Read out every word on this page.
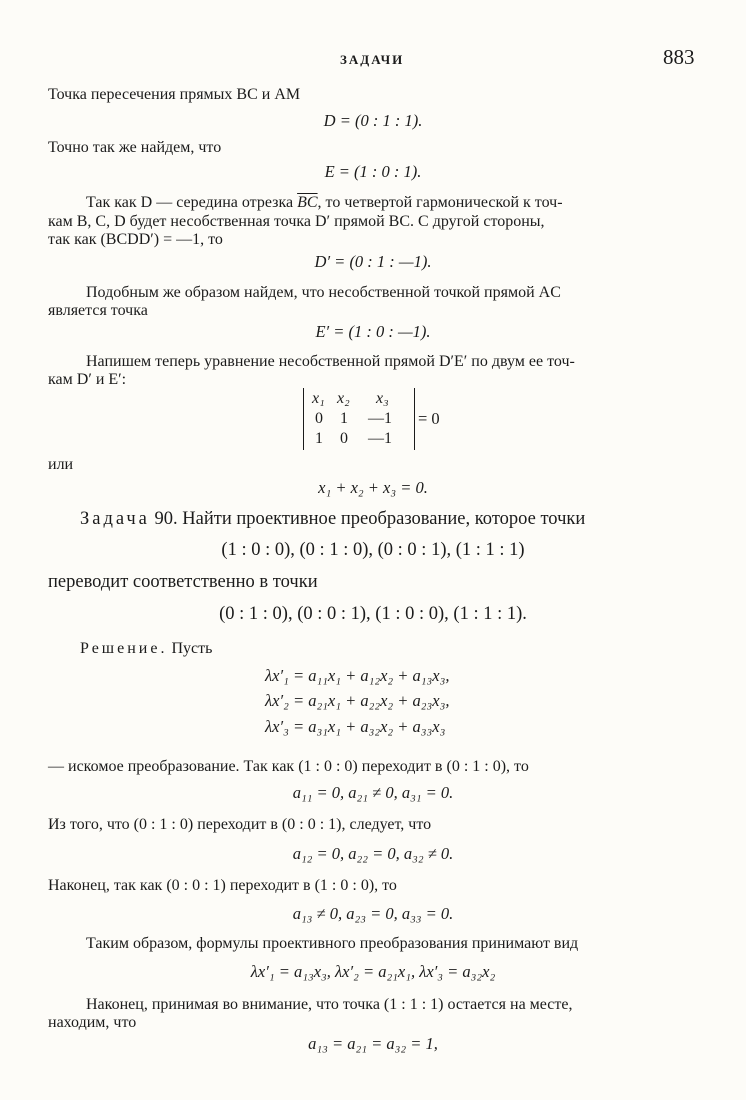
ЗАДАЧИ	883
Точка пересечения прямых BC и AM
D = (0 : 1 : 1).
Точно так же найдем, что
E = (1 : 0 : 1).
Так как D — середина отрезка $\overline{BC}$, то четвертой гармонической к точ-
кам B, C, D будет несобственная точка D′ прямой BC. С другой стороны,
так как (BCDD′) = —1, то
D′ = (0 : 1 : —1).
Подобным же образом найдем, что несобственной точкой прямой AC
является точка
E′ = (1 : 0 : —1).
Напишем теперь уравнение несобственной прямой D′E′ по двум ее точ-
кам D′ и E′:
x₁ x₂ x₃
0 1 —1
1 0 —1
= 0
или
x₁ + x₂ + x₃ = 0.
Задача 90. Найти проективное преобразование, которое точки
(1 : 0 : 0), (0 : 1 : 0), (0 : 0 : 1), (1 : 1 : 1)
переводит соответственно в точки
(0 : 1 : 0), (0 : 0 : 1), (1 : 0 : 0), (1 : 1 : 1).
Решение. Пусть
λx′₁ = a₁₁x₁ + a₁₂x₂ + a₁₃x₃,
λx′₂ = a₂₁x₁ + a₂₂x₂ + a₂₃x₃,
λx′₃ = a₃₁x₁ + a₃₂x₂ + a₃₃x₃
— искомое преобразование. Так как (1 : 0 : 0) переходит в (0 : 1 : 0), то
a₁₁ = 0, a₂₁ ≠ 0, a₃₁ = 0.
Из того, что (0 : 1 : 0) переходит в (0 : 0 : 1), следует, что
a₁₂ = 0, a₂₂ = 0, a₃₂ ≠ 0.
Наконец, так как (0 : 0 : 1) переходит в (1 : 0 : 0), то
a₁₃ ≠ 0, a₂₃ = 0, a₃₃ = 0.
Таким образом, формулы проективного преобразования принимают вид
λx′₁ = a₁₃x₃, λx′₂ = a₂₁x₁, λx′₃ = a₃₂x₂
Наконец, принимая во внимание, что точка (1 : 1 : 1) остается на месте,
находим, что
a₁₃ = a₂₁ = a₃₂ = 1,
